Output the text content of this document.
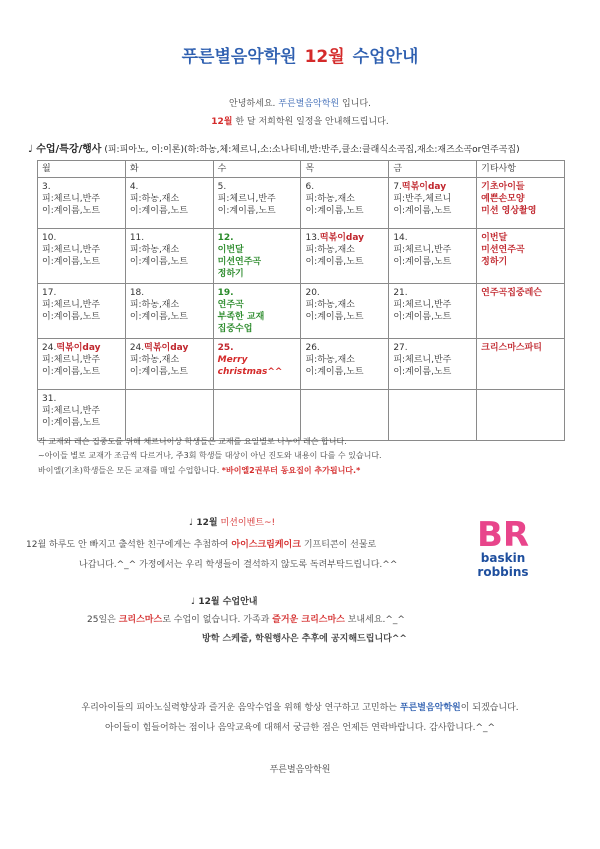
푸른별음악학원 12월 수업안내
안녕하세요. 푸른별음악학원 입니다.
12월 한 달 저희학원 일정을 안내해드립니다.
♩ 수업/특강/행사 (피:피아노, 이:이론)(하:하농,체:체르니,소:소나티네,반:반주,클소:클래식소곡집,재소:재즈소곡or연주곡집)
월	화	수	목	금	기타사항

3.
피:체르니,반주
이:계이름,노트	4.
피:하농,재소
이:계이름,노트	5.
피:체르니,반주
이:계이름,노트	6.
피:하농,재소
이:계이름,노트	7.떡볶이day
피:반주,체르니
이:계이름,노트	기초아이들
예쁜손모양
미션 영상촬영

10.
피:체르니,반주
이:계이름,노트	11.
피:하농,재소
이:계이름,노트	12.
이번달
미션연주곡
정하기	13.떡볶이day
피:하농,재소
이:계이름,노트	14.
피:체르니,반주
이:계이름,노트	이번달
미션연주곡
정하기

17.
피:체르니,반주
이:계이름,노트	18.
피:하농,재소
이:계이름,노트	19.
연주곡
부족한 교재
집중수업	20.
피:하농,재소
이:계이름,노트	21.
피:체르니,반주
이:계이름,노트	연주곡집중레슨

24.떡볶이day
피:체르니,반주
이:계이름,노트	24.떡볶이day
피:하농,재소
이:계이름,노트	25.
Merry
christmas^^	26.
피:하농,재소
이:계이름,노트	27.
피:체르니,반주
이:계이름,노트	크리스마스파티

31.
피:체르니,반주
이:계이름,노트					

각 교재와 레슨 집중도를 위해 체르니이상 학생들은 교재를 요일별로 나누어 레슨 합니다.
~아이들 별로 교재가 조금씩 다르거나, 주3회 학생들 대상이 아닌 진도와 내용이 다를 수 있습니다.
바이엘(기초)학생들은 모든 교재를 매일 수업합니다. *바이엘2권부터 동요집이 추가됩니다.*
♩ 12월 미션이벤트~!
12월 하루도 안 빠지고 출석한 친구에게는 추첨하여 아이스크림케이크 기프티콘이 선물로
나갑니다.^_^ 가정에서는 우리 학생들이 결석하지 않도록 독려부탁드립니다.^^
BR
baskin
robbins
♩ 12월 수업안내
25일은 크리스마스로 수업이 없습니다. 가족과 즐거운 크리스마스 보내세요.^_^
방학 스케줄, 학원행사은 추후에 공지해드립니다^^
우리아이들의 피아노실력향상과 즐거운 음악수업을 위해 항상 연구하고 고민하는 푸른별음악학원이 되겠습니다.
아이들이 힘들어하는 점이나 음악교육에 대해서 궁금한 점은 언제든 연락바랍니다. 감사합니다.^_^
푸른별음악학원
